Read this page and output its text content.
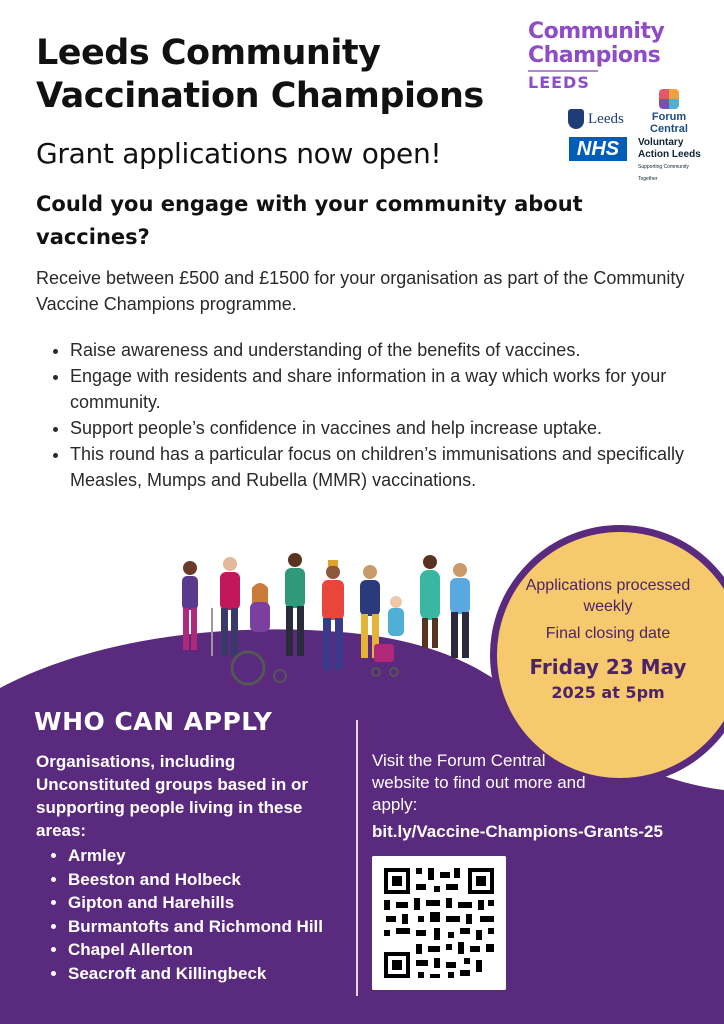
Leeds Community Vaccination Champions
Grant applications now open!
Community
Champions
LEEDS
Leeds	Forum Central
NHS	Voluntary Action Leeds
Supporting Community Together
Could you engage with your community about vaccines?
Receive between £500 and £1500 for your organisation as part of the Community Vaccine Champions programme.
• Raise awareness and understanding of the benefits of vaccines.
• Engage with residents and share information in a way which works for your community.
• Support people’s confidence in vaccines and help increase uptake.
• This round has a particular focus on children’s immunisations and specifically Measles, Mumps and Rubella (MMR) vaccinations.
Applications processed weekly
Final closing date
Friday 23 May
2025 at 5pm
WHO CAN APPLY
Organisations, including Unconstituted groups based in or supporting people living in these areas:
• Armley
• Beeston and Holbeck
• Gipton and Harehills
• Burmantofts and Richmond Hill
• Chapel Allerton
• Seacroft and Killingbeck
Visit the Forum Central website to find out more and apply:
bit.ly/Vaccine-Champions-Grants-25
